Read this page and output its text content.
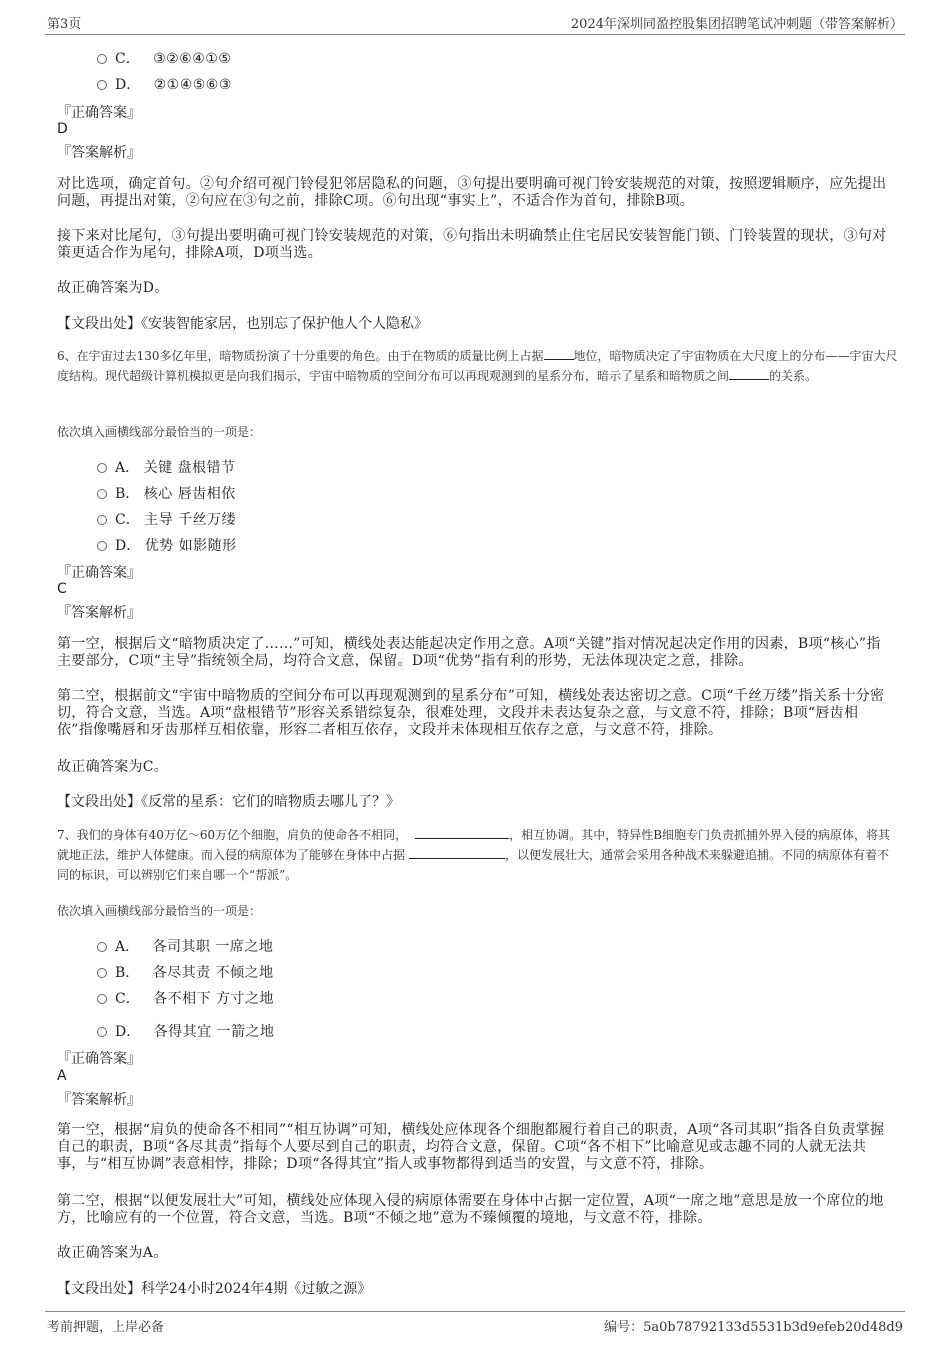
第3页	2024年深圳同盈控股集团招聘笔试冲刺题（带答案解析）
C． ③②⑥④①⑤
D． ②①④⑤⑥③
『正确答案』
D
『答案解析』
对比选项，确定首句。②句介绍可视门铃侵犯邻居隐私的问题，③句提出要明确可视门铃安装规范的对策，按照逻辑顺序，应先提出问题，再提出对策，②句应在③句之前，排除C项。⑥句出现“事实上”，不适合作为首句，排除B项。
接下来对比尾句，③句提出要明确可视门铃安装规范的对策，⑥句指出未明确禁止住宅居民安装智能门锁、门铃装置的现状，③句对策更适合作为尾句，排除A项，D项当选。
故正确答案为D。
【文段出处】《安装智能家居，也别忘了保护他人个人隐私》
6、在宇宙过去130多亿年里，暗物质扮演了十分重要的角色。由于在物质的质量比例上占据	地位，暗物质决定了宇宙物质在大尺度上的分布——宇宙大尺度结构。现代超级计算机模拟更是向我们揭示，宇宙中暗物质的空间分布可以再现观测到的星系分布，暗示了星系和暗物质之间	的关系。
依次填入画横线部分最恰当的一项是：
A． 关键 盘根错节
B． 核心 唇齿相依
C． 主导 千丝万缕
D． 优势 如影随形
『正确答案』
C
『答案解析』
第一空，根据后文“暗物质决定了……”可知，横线处表达能起决定作用之意。A项“关键”指对情况起决定作用的因素，B项“核心”指主要部分，C项“主导”指统领全局，均符合文意，保留。D项“优势”指有利的形势，无法体现决定之意，排除。
第二空，根据前文“宇宙中暗物质的空间分布可以再现观测到的星系分布”可知，横线处表达密切之意。C项“千丝万缕”指关系十分密切，符合文意，当选。A项“盘根错节”形容关系错综复杂，很难处理，文段并未表达复杂之意，与文意不符，排除；B项“唇齿相依”指像嘴唇和牙齿那样互相依靠，形容二者相互依存，文段并未体现相互依存之意，与文意不符，排除。
故正确答案为C。
【文段出处】《反常的星系：它们的暗物质去哪儿了？》
7、我们的身体有40万亿～60万亿个细胞，肩负的使命各不相同，	，相互协调。其中，特异性B细胞专门负责抓捕外界入侵的病原体，将其就地正法，维护人体健康。而入侵的病原体为了能够在身体中占据	，以便发展壮大，通常会采用各种战术来躲避追捕。不同的病原体有着不同的标识，可以辨别它们来自哪一个“帮派”。
依次填入画横线部分最恰当的一项是：
A． 各司其职 一席之地
B． 各尽其责 不倾之地
C． 各不相下 方寸之地
D． 各得其宜 一箭之地
『正确答案』
A
『答案解析』
第一空，根据“肩负的使命各不相同”“相互协调”可知，横线处应体现各个细胞都履行着自己的职责，A项“各司其职”指各自负责掌握自己的职责，B项“各尽其责”指每个人要尽到自己的职责，均符合文意，保留。C项“各不相下”比喻意见或志趣不同的人就无法共事，与“相互协调”表意相悖，排除；D项“各得其宜”指人或事物都得到适当的安置，与文意不符，排除。
第二空，根据“以便发展壮大”可知，横线处应体现入侵的病原体需要在身体中占据一定位置，A项“一席之地”意思是放一个席位的地方，比喻应有的一个位置，符合文意，当选。B项“不倾之地”意为不臻倾覆的境地，与文意不符，排除。
故正确答案为A。
【文段出处】科学24小时2024年4期《过敏之源》
考前押题，上岸必备	编号：5a0b78792133d5531b3d9efeb20d48d9
